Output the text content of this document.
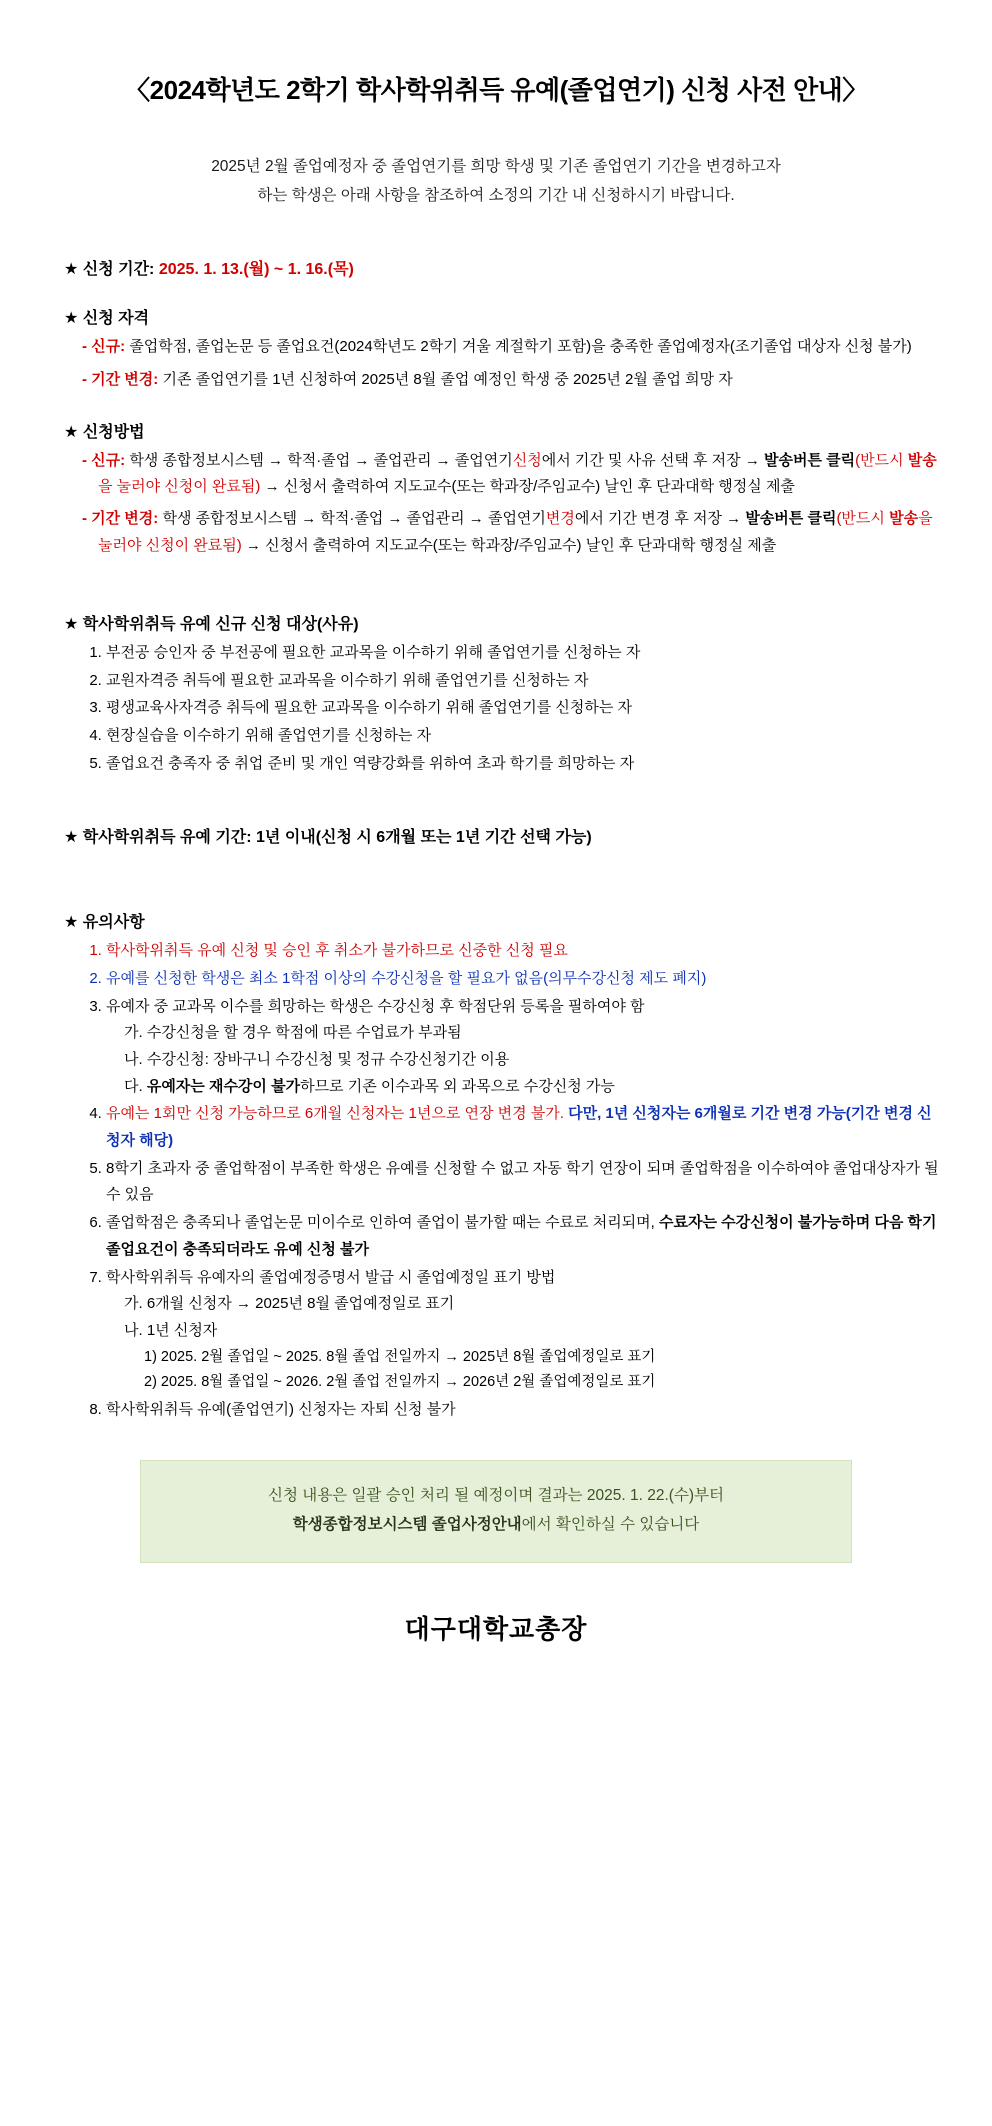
〈2024학년도 2학기 학사학위취득 유예(졸업연기) 신청 사전 안내〉
2025년 2월 졸업예정자 중 졸업연기를 희망 학생 및 기존 졸업연기 기간을 변경하고자
하는 학생은 아래 사항을 참조하여 소정의 기간 내 신청하시기 바랍니다.
★ 신청 기간: 2025. 1. 13.(월) ~ 1. 16.(목)
★ 신청 자격
- 신규: 졸업학점, 졸업논문 등 졸업요건(2024학년도 2학기 겨울 계절학기 포함)을 충족한 졸업예정자(조기졸업 대상자 신청 불가)
- 기간 변경: 기존 졸업연기를 1년 신청하여 2025년 8월 졸업 예정인 학생 중 2025년 2월 졸업 희망 자
★ 신청방법
- 신규: 학생 종합정보시스템 → 학적·졸업 → 졸업관리 → 졸업연기신청에서 기간 및 사유 선택 후 저장 → 발송버튼 클릭(반드시 발송을 눌러야 신청이 완료됨) → 신청서 출력하여 지도교수(또는 학과장/주임교수) 날인 후 단과대학 행정실 제출
- 기간 변경: 학생 종합정보시스템 → 학적·졸업 → 졸업관리 → 졸업연기변경에서 기간 변경 후 저장 → 발송버튼 클릭(반드시 발송을 눌러야 신청이 완료됨) → 신청서 출력하여 지도교수(또는 학과장/주임교수) 날인 후 단과대학 행정실 제출
★ 학사학위취득 유예 신규 신청 대상(사유)
1. 부전공 승인자 중 부전공에 필요한 교과목을 이수하기 위해 졸업연기를 신청하는 자
2. 교원자격증 취득에 필요한 교과목을 이수하기 위해 졸업연기를 신청하는 자
3. 평생교육사자격증 취득에 필요한 교과목을 이수하기 위해 졸업연기를 신청하는 자
4. 현장실습을 이수하기 위해 졸업연기를 신청하는 자
5. 졸업요건 충족자 중 취업 준비 및 개인 역량강화를 위하여 초과 학기를 희망하는 자
★ 학사학위취득 유예 기간: 1년 이내(신청 시 6개월 또는 1년 기간 선택 가능)
★ 유의사항
1. 학사학위취득 유예 신청 및 승인 후 취소가 불가하므로 신중한 신청 필요
2. 유예를 신청한 학생은 최소 1학점 이상의 수강신청을 할 필요가 없음(의무수강신청 제도 폐지)
3. 유예자 중 교과목 이수를 희망하는 학생은 수강신청 후 학점단위 등록을 필하여야 함
가. 수강신청을 할 경우 학점에 따른 수업료가 부과됨
나. 수강신청: 장바구니 수강신청 및 정규 수강신청기간 이용
다. 유예자는 재수강이 불가하므로 기존 이수과목 외 과목으로 수강신청 가능
4. 유예는 1회만 신청 가능하므로 6개월 신청자는 1년으로 연장 변경 불가. 다만, 1년 신청자는 6개월로 기간 변경 가능(기간 변경 신청자 해당)
5. 8학기 초과자 중 졸업학점이 부족한 학생은 유예를 신청할 수 없고 자동 학기 연장이 되며 졸업학점을 이수하여야 졸업대상자가 될 수 있음
6. 졸업학점은 충족되나 졸업논문 미이수로 인하여 졸업이 불가할 때는 수료로 처리되며, 수료자는 수강신청이 불가능하며 다음 학기 졸업요건이 충족되더라도 유예 신청 불가
7. 학사학위취득 유예자의 졸업예정증명서 발급 시 졸업예정일 표기 방법
가. 6개월 신청자 → 2025년 8월 졸업예정일로 표기
나. 1년 신청자
1) 2025. 2월 졸업일 ~ 2025. 8월 졸업 전일까지 → 2025년 8월 졸업예정일로 표기
2) 2025. 8월 졸업일 ~ 2026. 2월 졸업 전일까지 → 2026년 2월 졸업예정일로 표기
8. 학사학위취득 유예(졸업연기) 신청자는 자퇴 신청 불가
신청 내용은 일괄 승인 처리 될 예정이며 결과는 2025. 1. 22.(수)부터
학생종합정보시스템 졸업사정안내에서 확인하실 수 있습니다
대구대학교총장
